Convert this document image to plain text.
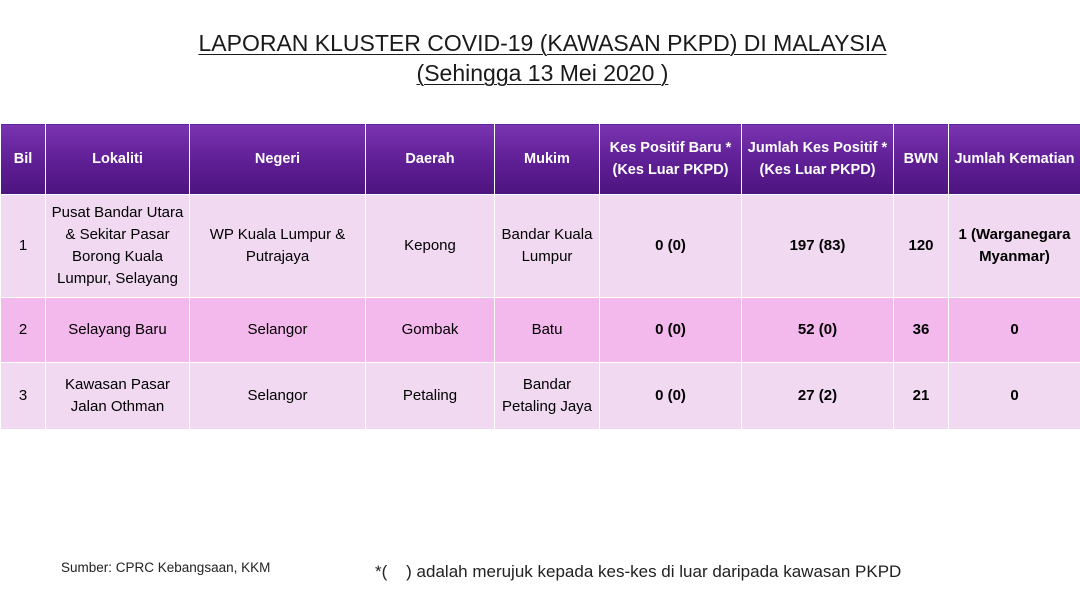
LAPORAN KLUSTER COVID-19 (KAWASAN PKPD) DI MALAYSIA
(Sehingga 13 Mei 2020 )
Bil	Lokaliti	Negeri	Daerah	Mukim	Kes Positif Baru *(Kes Luar PKPD)	Jumlah Kes Positif *(Kes Luar PKPD)	BWN	Jumlah Kematian
1	Pusat Bandar Utara & Sekitar Pasar Borong Kuala Lumpur, Selayang	WP Kuala Lumpur & Putrajaya	Kepong	Bandar Kuala Lumpur	0 (0)	197 (83)	120	1 (Warganegara Myanmar)
2	Selayang Baru	Selangor	Gombak	Batu	0 (0)	52 (0)	36	0
3	Kawasan Pasar Jalan Othman	Selangor	Petaling	Bandar Petaling Jaya	0 (0)	27 (2)	21	0
Sumber: CPRC Kebangsaan, KKM	*(    ) adalah merujuk kepada kes-kes di luar daripada kawasan PKPD
